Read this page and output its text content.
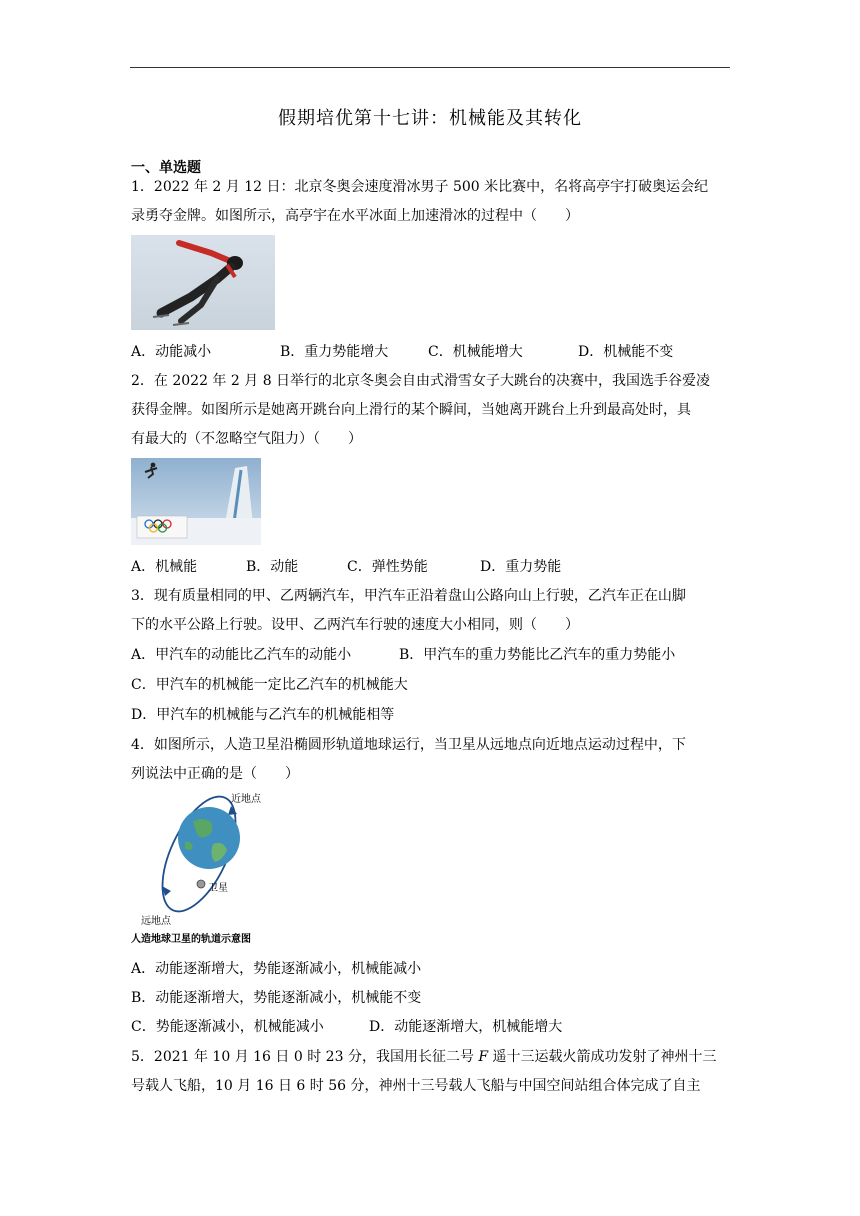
假期培优第十七讲：机械能及其转化
一、单选题
1．2022 年 2 月 12 日：北京冬奥会速度滑冰男子 500 米比赛中，名将高亭宇打破奥运会纪
录勇夺金牌。如图所示，高亭宇在水平冰面上加速滑冰的过程中（　　）
A．动能减小	B．重力势能增大	C．机械能增大	D．机械能不变
2．在 2022 年 2 月 8 日举行的北京冬奥会自由式滑雪女子大跳台的决赛中，我国选手谷爱凌
获得金牌。如图所示是她离开跳台向上滑行的某个瞬间，当她离开跳台上升到最高处时，具
有最大的（不忽略空气阻力）（　　）
A．机械能	B．动能	C．弹性势能	D．重力势能
3．现有质量相同的甲、乙两辆汽车，甲汽车正沿着盘山公路向山上行驶，乙汽车正在山脚
下的水平公路上行驶。设甲、乙两汽车行驶的速度大小相同，则（　　）
A．甲汽车的动能比乙汽车的动能小	B．甲汽车的重力势能比乙汽车的重力势能小
C．甲汽车的机械能一定比乙汽车的机械能大
D．甲汽车的机械能与乙汽车的机械能相等
4．如图所示，人造卫星沿椭圆形轨道地球运行，当卫星从远地点向近地点运动过程中，下
列说法中正确的是（　　）
近地点
卫星
远地点
人造地球卫星的轨道示意图
A．动能逐渐增大，势能逐渐减小，机械能减小
B．动能逐渐增大，势能逐渐减小，机械能不变
C．势能逐渐减小，机械能减小	D．动能逐渐增大，机械能增大
5．2021 年 10 月 16 日 0 时 23 分，我国用长征二号 F 遥十三运载火箭成功发射了神州十三
号载人飞船，10 月 16 日 6 时 56 分，神州十三号载人飞船与中国空间站组合体完成了自主
